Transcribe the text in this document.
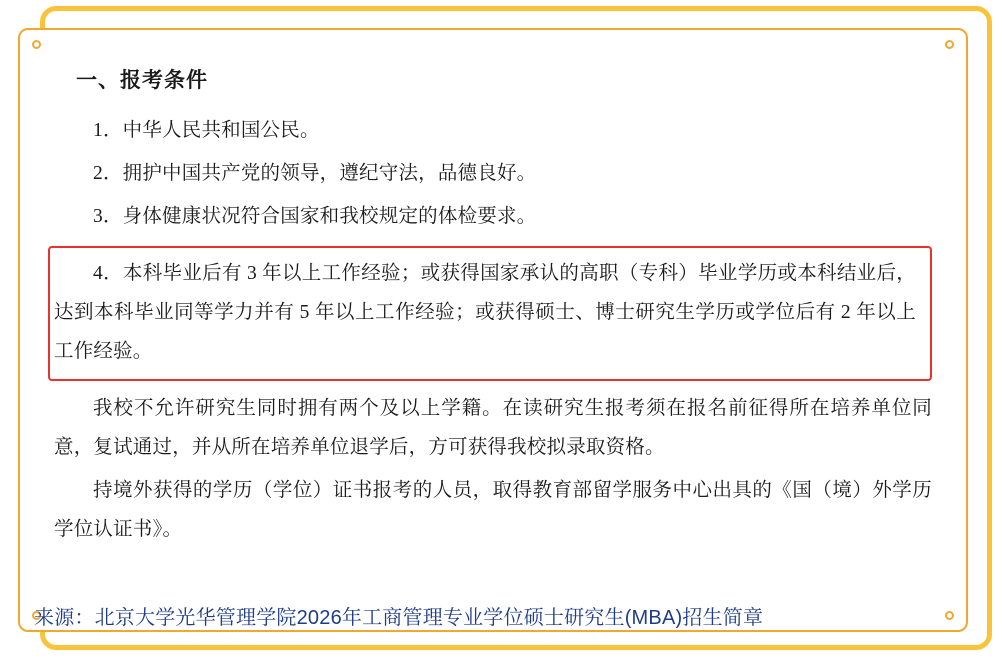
一、报考条件

1．中华人民共和国公民。

2．拥护中国共产党的领导，遵纪守法，品德良好。

3．身体健康状况符合国家和我校规定的体检要求。

4．本科毕业后有 3 年以上工作经验；或获得国家承认的高职（专科）毕业学历或本科结业后，达到本科毕业同等学力并有 5 年以上工作经验；或获得硕士、博士研究生学历或学位后有 2 年以上工作经验。

我校不允许研究生同时拥有两个及以上学籍。在读研究生报考须在报名前征得所在培养单位同意，复试通过，并从所在培养单位退学后，方可获得我校拟录取资格。

持境外获得的学历（学位）证书报考的人员，取得教育部留学服务中心出具的《国（境）外学历学位认证书》。

来源：北京大学光华管理学院2026年工商管理专业学位硕士研究生(MBA)招生简章
